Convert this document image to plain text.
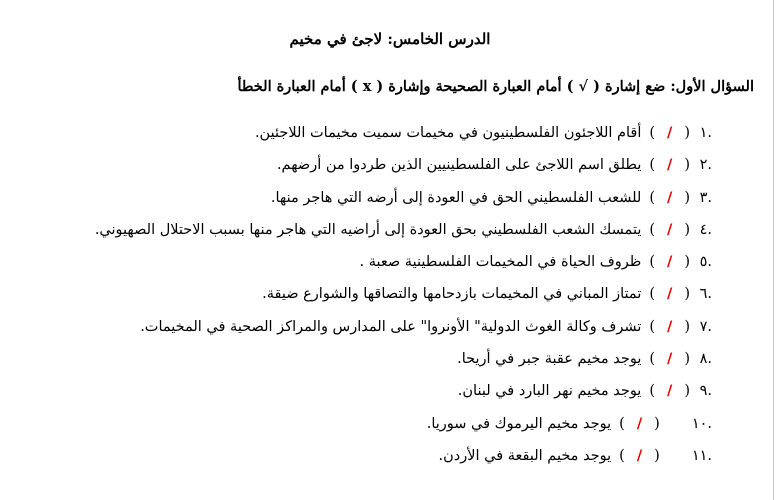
الدرس الخامس: لاجئ في مخيم
السؤال الأول: ضع إشارة ( √ ) أمام العبارة الصحيحة وإشارة ( x ) أمام العبارة الخطأ
.١
(
/
)
أقام اللاجئون الفلسطينيون في مخيمات سميت مخيمات اللاجئين.
.٢
(
/
)
يطلق اسم اللاجئ على الفلسطينيين الذين طردوا من أرضهم.
.٣
(
/
)
للشعب الفلسطيني الحق في العودة إلى أرضه التي هاجر منها.
.٤
(
/
)
يتمسك الشعب الفلسطيني بحق العودة إلى أراضيه التي هاجر منها بسبب الاحتلال الصهيوني.
.٥
(
/
)
ظروف الحياة في المخيمات الفلسطينية صعبة .
.٦
(
/
)
تمتاز المباني في المخيمات بازدحامها والتصاقها والشوارع ضيقة.
.٧
(
/
)
تشرف وكالة الغوث الدولية" الأونروا" على المدارس والمراكز الصحية في المخيمات.
.٨
(
/
)
يوجد مخيم عقبة جبر في أريحا.
.٩
(
/
)
يوجد مخيم نهر البارد في لبنان.
.١٠
(
/
)
يوجد مخيم اليرموك في سوريا.
.١١
(
/
)
يوجد مخيم البقعة في الأردن.
